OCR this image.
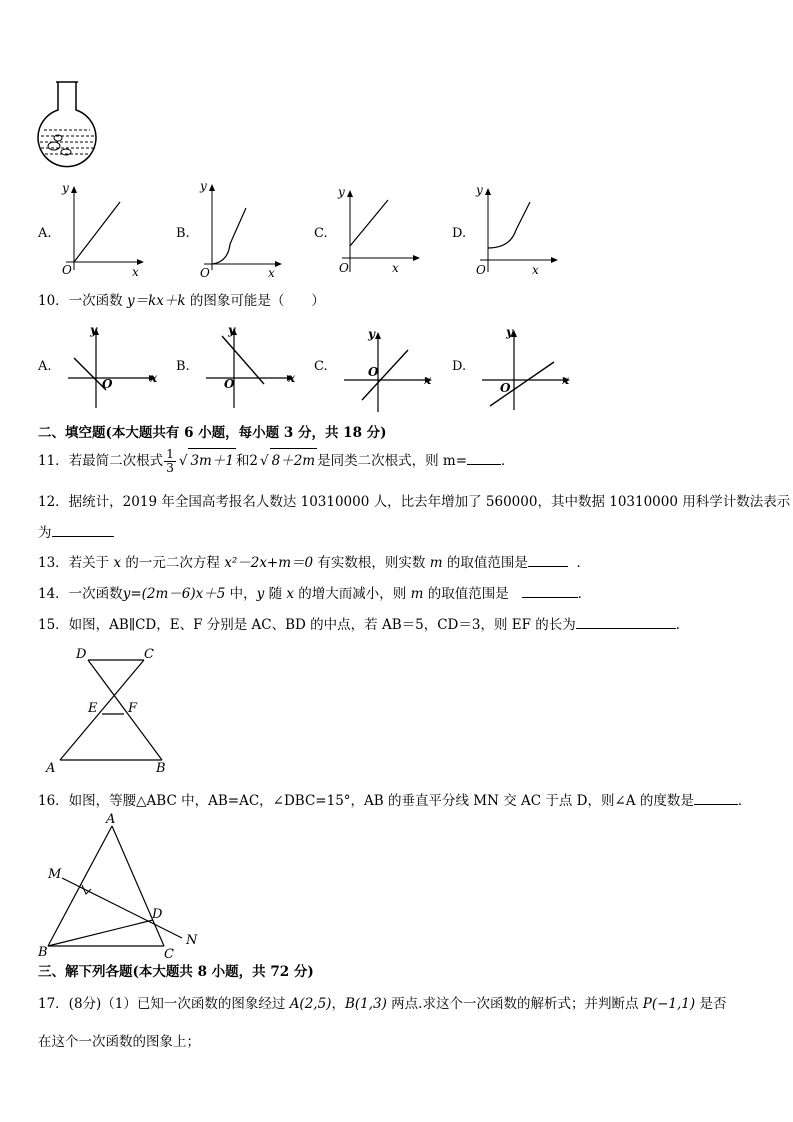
A.
y
x
O
B.
y
x
O
C.
y
x
O
D.
y
x
O
10．一次函数 y＝kx＋k 的图象可能是（　　）
A.
y
x
O
B.
y
x
O
C.
y
x
O	D.
y
x
O
二、填空题(本大题共有 6 小题，每小题 3 分，共 18 分)
11．若最简二次根式 $\frac{1}{3}$ √ 3m＋1 和2 √ 8＋2m 是同类二次根式，则 m=	．
12．据统计，2019 年全国高考报名人数达 10310000 人，比去年增加了 560000，其中数据 10310000 用科学计数法表示
为
13．若关于 x 的一元二次方程 x²－2x+m＝0 有实数根，则实数 m 的取值范围是	．
14．一次函数y=(2m－6)x＋5 中，y 随 x 的增大而减小，则 m 的取值范围是	．
15．如图，AB∥CD，E、F 分别是 AC、BD 的中点，若 AB＝5，CD＝3，则 EF 的长为	．
D	C
E F
A	B
16．如图，等腰△ABC 中，AB=AC，∠DBC=15°，AB 的垂直平分线 MN 交 AC 于点 D，则∠A 的度数是	．
A
M
D
B	C
N
三、解下列各题(本大题共 8 小题，共 72 分)
17．(8分)（1）已知一次函数的图象经过 A(2,5)，B(1,3) 两点.求这个一次函数的解析式；并判断点 P(−1,1) 是否
在这个一次函数的图象上；
